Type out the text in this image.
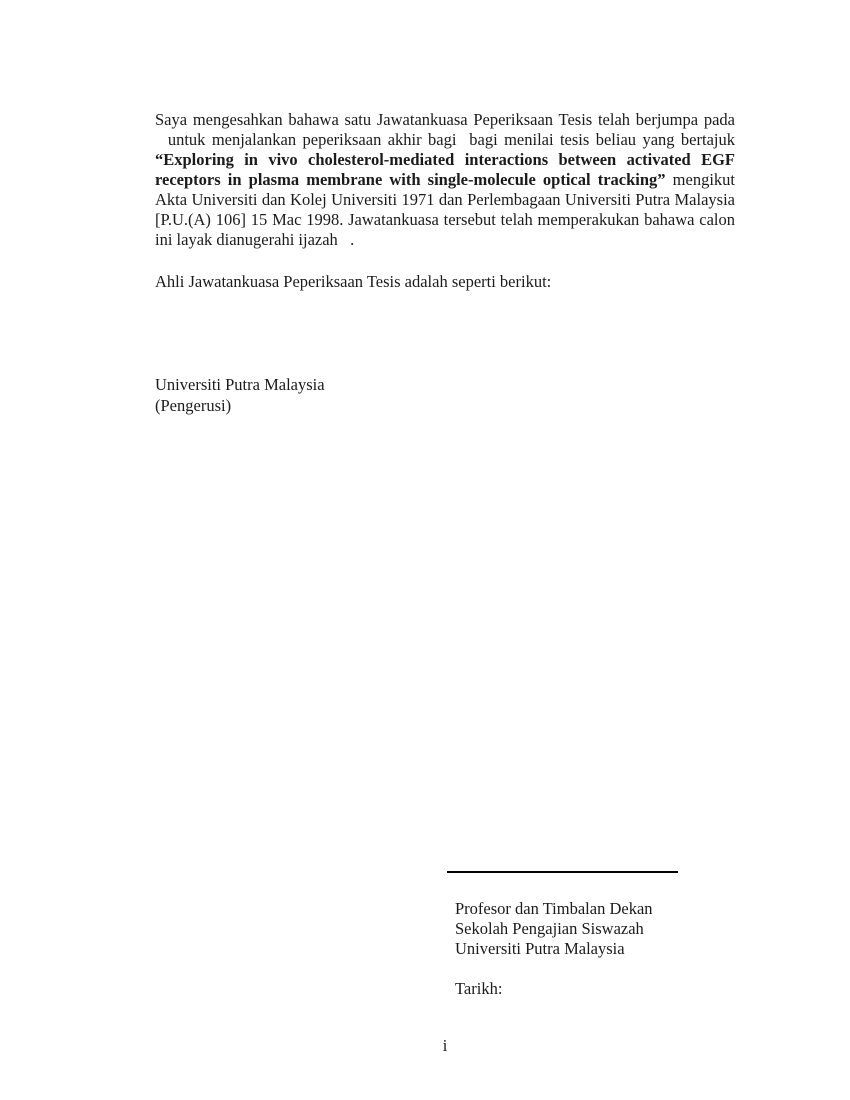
Saya mengesahkan bahawa satu Jawatankuasa Peperiksaan Tesis telah berjumpa pada   untuk menjalankan peperiksaan akhir bagi  bagi menilai tesis beliau yang bertajuk “Exploring in vivo cholesterol-mediated interactions between activated EGF receptors in plasma membrane with single-molecule optical tracking” mengikut Akta Universiti dan Kolej Universiti 1971 dan Perlembagaan Universiti Putra Malaysia [P.U.(A) 106] 15 Mac 1998. Jawatankuasa tersebut telah memperakukan bahawa calon ini layak dianugerahi ijazah   .

Ahli Jawatankuasa Peperiksaan Tesis adalah seperti berikut:

Universiti Putra Malaysia
(Pengerusi)
Profesor dan Timbalan Dekan
Sekolah Pengajian Siswazah
Universiti Putra Malaysia
Tarikh:
i
